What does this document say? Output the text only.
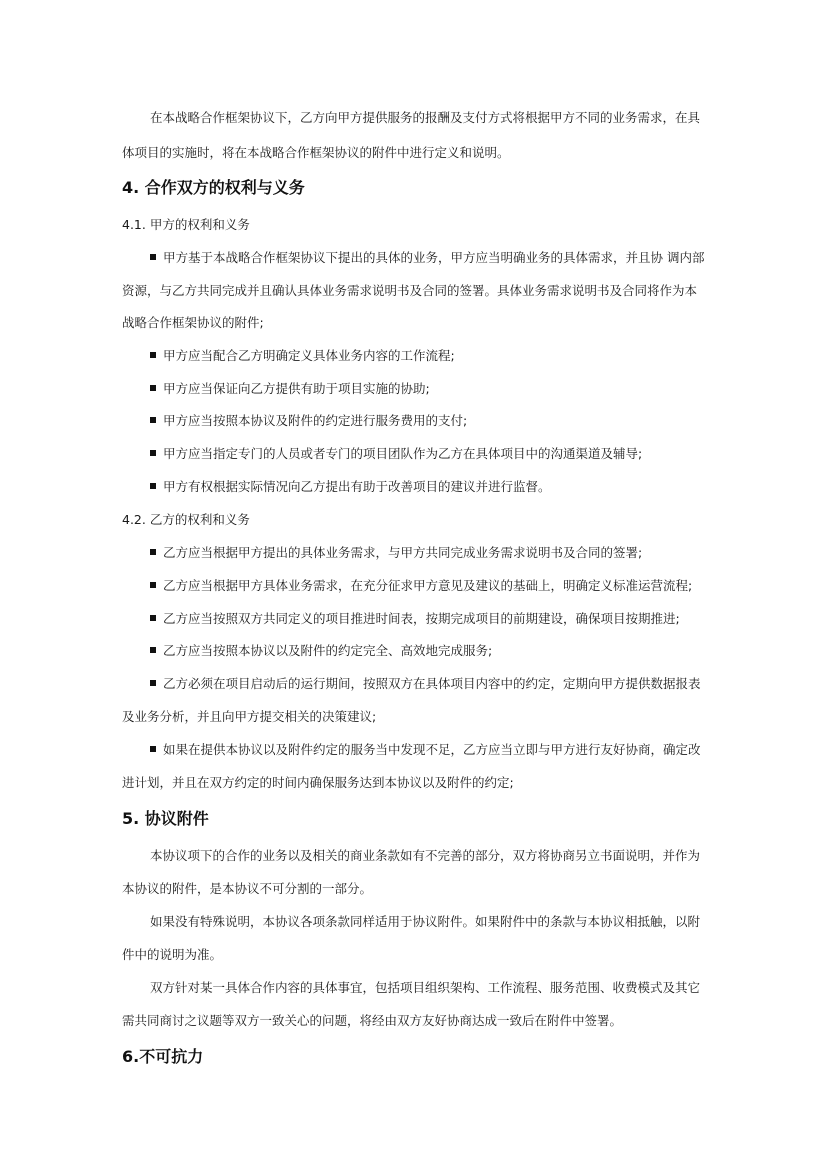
在本战略合作框架协议下，乙方向甲方提供服务的报酬及支付方式将根据甲方不同的业务需求，在具
体项目的实施时，将在本战略合作框架协议的附件中进行定义和说明。
4. 合作双方的权利与义务
4.1. 甲方的权利和义务
甲方基于本战略合作框架协议下提出的具体的业务，甲方应当明确业务的具体需求，并且协 调内部
资源，与乙方共同完成并且确认具体业务需求说明书及合同的签署。具体业务需求说明书及合同将作为本
战略合作框架协议的附件;
甲方应当配合乙方明确定义具体业务内容的工作流程;
甲方应当保证向乙方提供有助于项目实施的协助;
甲方应当按照本协议及附件的约定进行服务费用的支付;
甲方应当指定专门的人员或者专门的项目团队作为乙方在具体项目中的沟通渠道及辅导;
甲方有权根据实际情况向乙方提出有助于改善项目的建议并进行监督。
4.2. 乙方的权利和义务
乙方应当根据甲方提出的具体业务需求，与甲方共同完成业务需求说明书及合同的签署;
乙方应当根据甲方具体业务需求，在充分征求甲方意见及建议的基础上，明确定义标准运营流程;
乙方应当按照双方共同定义的项目推进时间表，按期完成项目的前期建设，确保项目按期推进;
乙方应当按照本协议以及附件的约定完全、高效地完成服务;
乙方必须在项目启动后的运行期间，按照双方在具体项目内容中的约定，定期向甲方提供数据报表
及业务分析，并且向甲方提交相关的决策建议;
如果在提供本协议以及附件约定的服务当中发现不足，乙方应当立即与甲方进行友好协商，确定改
进计划，并且在双方约定的时间内确保服务达到本协议以及附件的约定;
5. 协议附件
本协议项下的合作的业务以及相关的商业条款如有不完善的部分，双方将协商另立书面说明，并作为
本协议的附件，是本协议不可分割的一部分。
如果没有特殊说明，本协议各项条款同样适用于协议附件。如果附件中的条款与本协议相抵触，以附
件中的说明为准。
双方针对某一具体合作内容的具体事宜，包括项目组织架构、工作流程、服务范围、收费模式及其它
需共同商讨之议题等双方一致关心的问题，将经由双方友好协商达成一致后在附件中签署。
6.不可抗力
